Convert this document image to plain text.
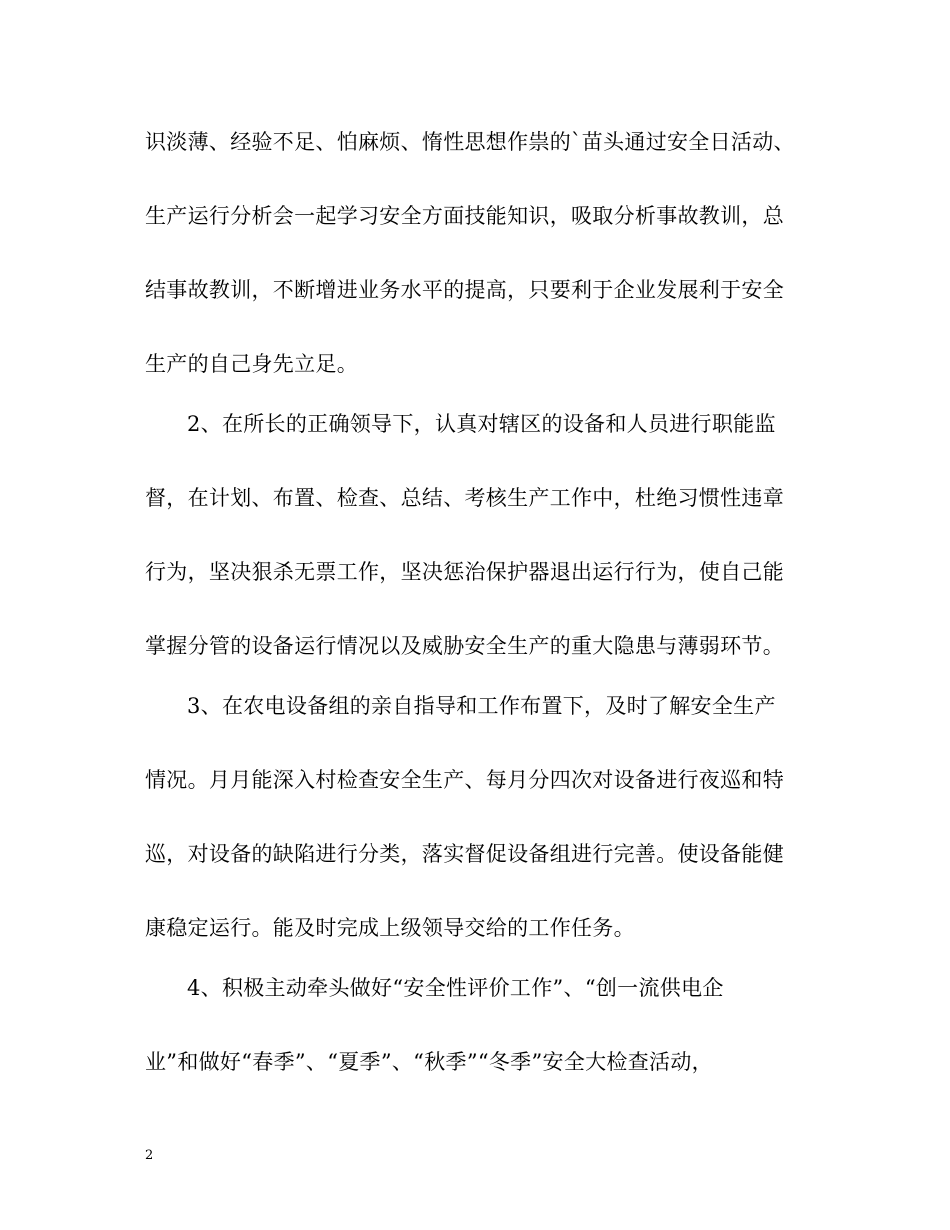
识淡薄、经验不足、怕麻烦、惰性思想作祟的`苗头通过安全日活动、
生产运行分析会一起学习安全方面技能知识，吸取分析事故教训，总
结事故教训，不断增进业务水平的提高，只要利于企业发展利于安全
生产的自己身先立足。
2、在所长的正确领导下，认真对辖区的设备和人员进行职能监
督，在计划、布置、检查、总结、考核生产工作中，杜绝习惯性违章
行为，坚决狠杀无票工作，坚决惩治保护器退出运行行为，使自己能
掌握分管的设备运行情况以及威胁安全生产的重大隐患与薄弱环节。
3、在农电设备组的亲自指导和工作布置下，及时了解安全生产
情况。月月能深入村检查安全生产、每月分四次对设备进行夜巡和特
巡，对设备的缺陷进行分类，落实督促设备组进行完善。使设备能健
康稳定运行。能及时完成上级领导交给的工作任务。
4、积极主动牵头做好“安全性评价工作”、“创一流供电企
业”和做好“春季”、“夏季”、“秋季”“冬季”安全大检查活动，
2
